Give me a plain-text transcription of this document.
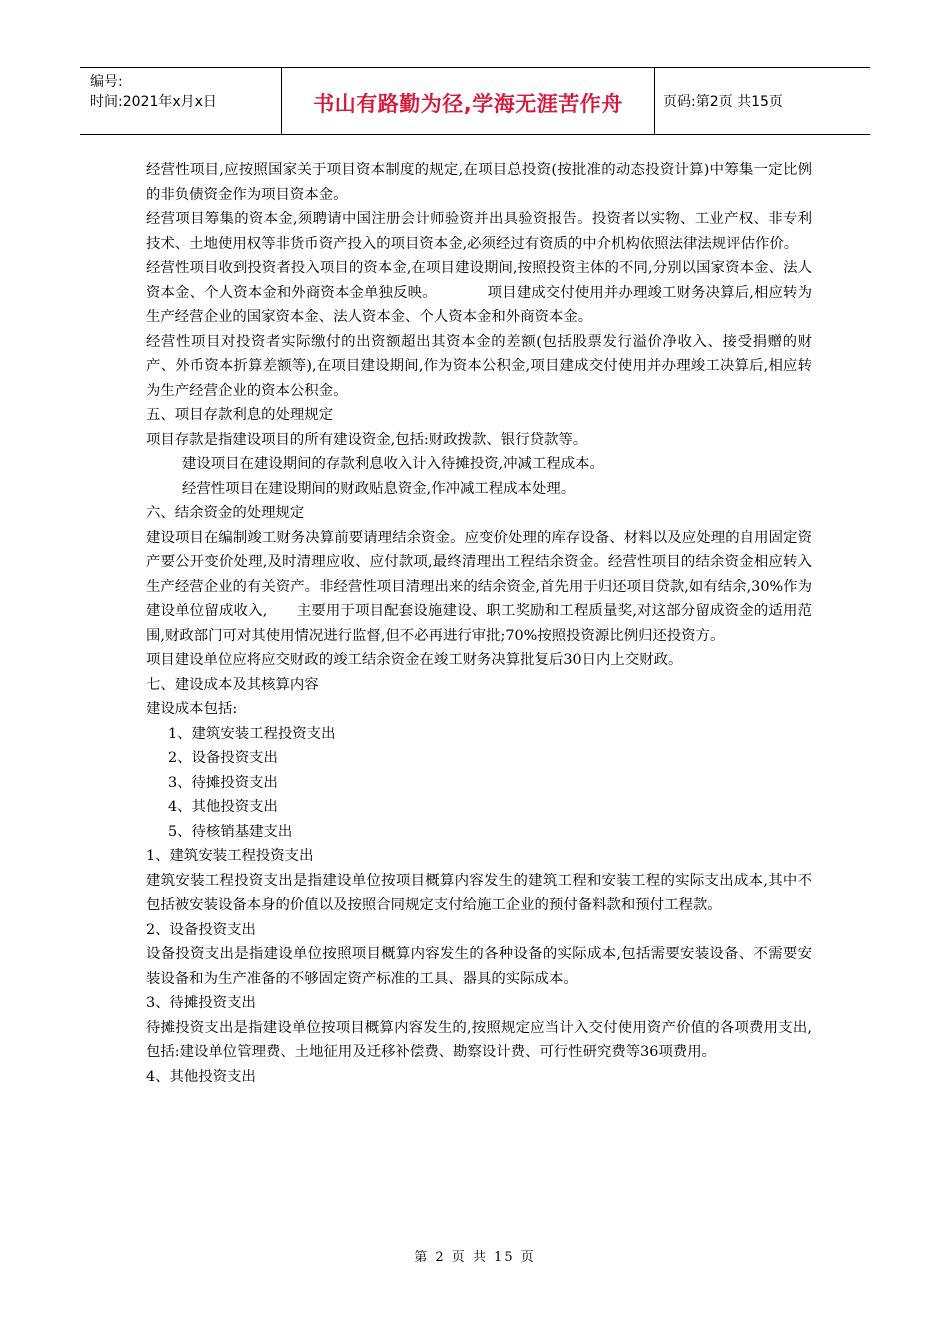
编号:
时间:2021年x月x日	书山有路勤为径,学海无涯苦作舟	页码:第2页 共15页

经营性项目,应按照国家关于项目资本制度的规定,在项目总投资(按批准的动态投资计算)中筹集一定比例的非负债资金作为项目资本金。

经营项目筹集的资本金,须聘请中国注册会计师验资并出具验资报告。投资者以实物、工业产权、非专利技术、土地使用权等非货币资产投入的项目资本金,必须经过有资质的中介机构依照法律法规评估作价。

经营性项目收到投资者投入项目的资本金,在项目建设期间,按照投资主体的不同,分别以国家资本金、法人资本金、个人资本金和外商资本金单独反映。　　　　项目建成交付使用并办理竣工财务决算后,相应转为生产经营企业的国家资本金、法人资本金、个人资本金和外商资本金。

经营性项目对投资者实际缴付的出资额超出其资本金的差额(包括股票发行溢价净收入、接受捐赠的财产、外币资本折算差额等),在项目建设期间,作为资本公积金,项目建成交付使用并办理竣工决算后,相应转为生产经营企业的资本公积金。

五、项目存款利息的处理规定

项目存款是指建设项目的所有建设资金,包括:财政拨款、银行贷款等。

建设项目在建设期间的存款利息收入计入待摊投资,冲减工程成本。

经营性项目在建设期间的财政贴息资金,作冲减工程成本处理。

六、结余资金的处理规定

建设项目在编制竣工财务决算前要请理结余资金。应变价处理的库存设备、材料以及应处理的自用固定资产要公开变价处理,及时清理应收、应付款项,最终清理出工程结余资金。经营性项目的结余资金相应转入生产经营企业的有关资产。非经营性项目清理出来的结余资金,首先用于归还项目贷款,如有结余,30%作为建设单位留成收入,　　主要用于项目配套设施建设、职工奖励和工程质量奖,对这部分留成资金的适用范围,财政部门可对其使用情况进行监督,但不必再进行审批;70%按照投资源比例归还投资方。

项目建设单位应将应交财政的竣工结余资金在竣工财务决算批复后30日内上交财政。

七、建设成本及其核算内容

建设成本包括:

1、建筑安装工程投资支出

2、设备投资支出

3、待摊投资支出

4、其他投资支出

5、待核销基建支出

1、建筑安装工程投资支出

建筑安装工程投资支出是指建设单位按项目概算内容发生的建筑工程和安装工程的实际支出成本,其中不包括被安装设备本身的价值以及按照合同规定支付给施工企业的预付备料款和预付工程款。

2、设备投资支出

设备投资支出是指建设单位按照项目概算内容发生的各种设备的实际成本,包括需要安装设备、不需要安装设备和为生产准备的不够固定资产标准的工具、器具的实际成本。

3、待摊投资支出

待摊投资支出是指建设单位按项目概算内容发生的,按照规定应当计入交付使用资产价值的各项费用支出,包括:建设单位管理费、土地征用及迁移补偿费、勘察设计费、可行性研究费等36项费用。

4、其他投资支出

第 2 页 共 15 页
